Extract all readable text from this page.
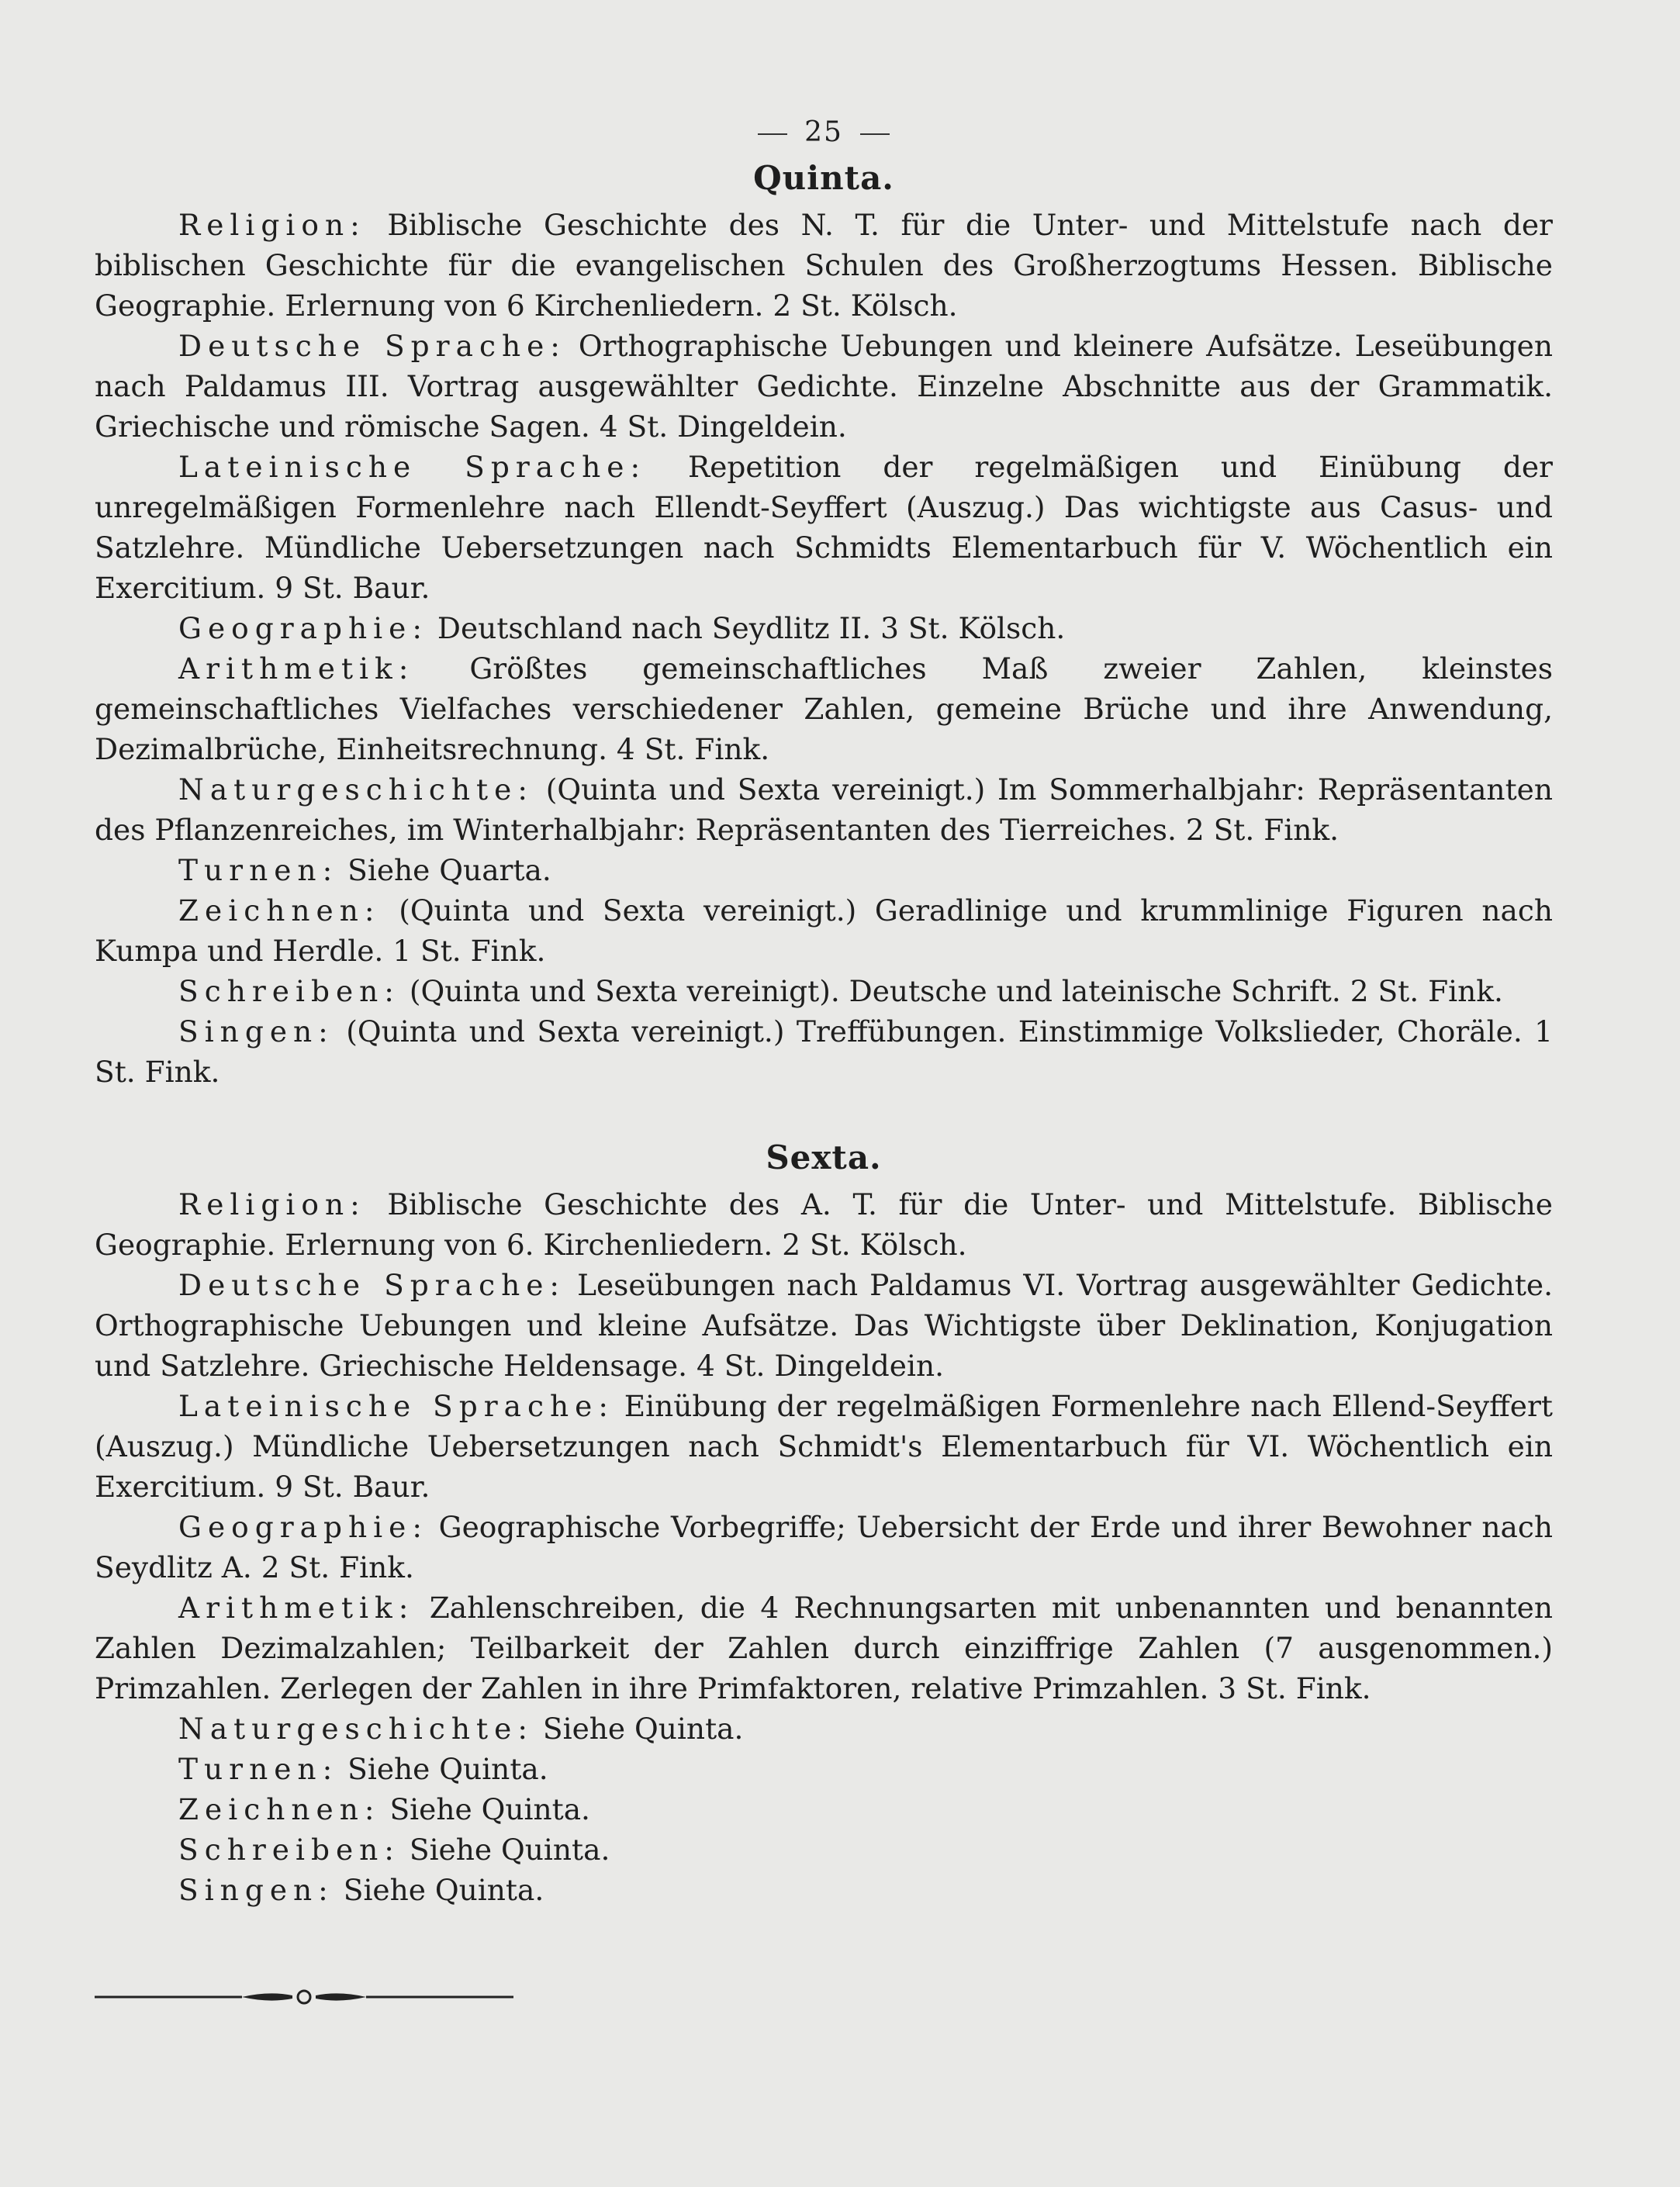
25
Quinta.

Religion: Biblische Geschichte des N. T. für die Unter- und Mittelstufe nach der biblischen Geschichte für die evangelischen Schulen des Großherzogtums Hessen. Biblische Geographie. Erlernung von 6 Kirchenliedern. 2 St. Kölsch.

Deutsche Sprache: Orthographische Uebungen und kleinere Aufsätze. Leseübungen nach Paldamus III. Vortrag ausgewählter Gedichte. Einzelne Abschnitte aus der Grammatik. Griechische und römische Sagen. 4 St. Dingeldein.

Lateinische Sprache: Repetition der regelmäßigen und Einübung der unregelmäßigen Formenlehre nach Ellendt-Seyffert (Auszug.) Das wichtigste aus Casus- und Satzlehre. Mündliche Uebersetzungen nach Schmidts Elementarbuch für V. Wöchentlich ein Exercitium. 9 St. Baur.

Geographie: Deutschland nach Seydlitz II. 3 St. Kölsch.

Arithmetik: Größtes gemeinschaftliches Maß zweier Zahlen, kleinstes gemeinschaftliches Vielfaches verschiedener Zahlen, gemeine Brüche und ihre Anwendung, Dezimalbrüche, Einheitsrechnung. 4 St. Fink.

Naturgeschichte: (Quinta und Sexta vereinigt.) Im Sommerhalbjahr: Repräsentanten des Pflanzenreiches, im Winterhalbjahr: Repräsentanten des Tierreiches. 2 St. Fink.

Turnen: Siehe Quarta.

Zeichnen: (Quinta und Sexta vereinigt.) Geradlinige und krummlinige Figuren nach Kumpa und Herdle. 1 St. Fink.

Schreiben: (Quinta und Sexta vereinigt). Deutsche und lateinische Schrift. 2 St. Fink.

Singen: (Quinta und Sexta vereinigt.) Treffübungen. Einstimmige Volkslieder, Choräle. 1 St. Fink.

Sexta.

Religion: Biblische Geschichte des A. T. für die Unter- und Mittelstufe. Biblische Geographie. Erlernung von 6. Kirchenliedern. 2 St. Kölsch.

Deutsche Sprache: Leseübungen nach Paldamus VI. Vortrag ausgewählter Gedichte. Orthographische Uebungen und kleine Aufsätze. Das Wichtigste über Deklination, Konjugation und Satzlehre. Griechische Heldensage. 4 St. Dingeldein.

Lateinische Sprache: Einübung der regelmäßigen Formenlehre nach Ellend-Seyffert (Auszug.) Mündliche Uebersetzungen nach Schmidt's Elementarbuch für VI. Wöchentlich ein Exercitium. 9 St. Baur.

Geographie: Geographische Vorbegriffe; Uebersicht der Erde und ihrer Bewohner nach Seydlitz A. 2 St. Fink.

Arithmetik: Zahlenschreiben, die 4 Rechnungsarten mit unbenannten und benannten Zahlen Dezimalzahlen; Teilbarkeit der Zahlen durch einziffrige Zahlen (7 ausgenommen.) Primzahlen. Zerlegen der Zahlen in ihre Primfaktoren, relative Primzahlen. 3 St. Fink.

Naturgeschichte: Siehe Quinta.

Turnen: Siehe Quinta.

Zeichnen: Siehe Quinta.

Schreiben: Siehe Quinta.

Singen: Siehe Quinta.
